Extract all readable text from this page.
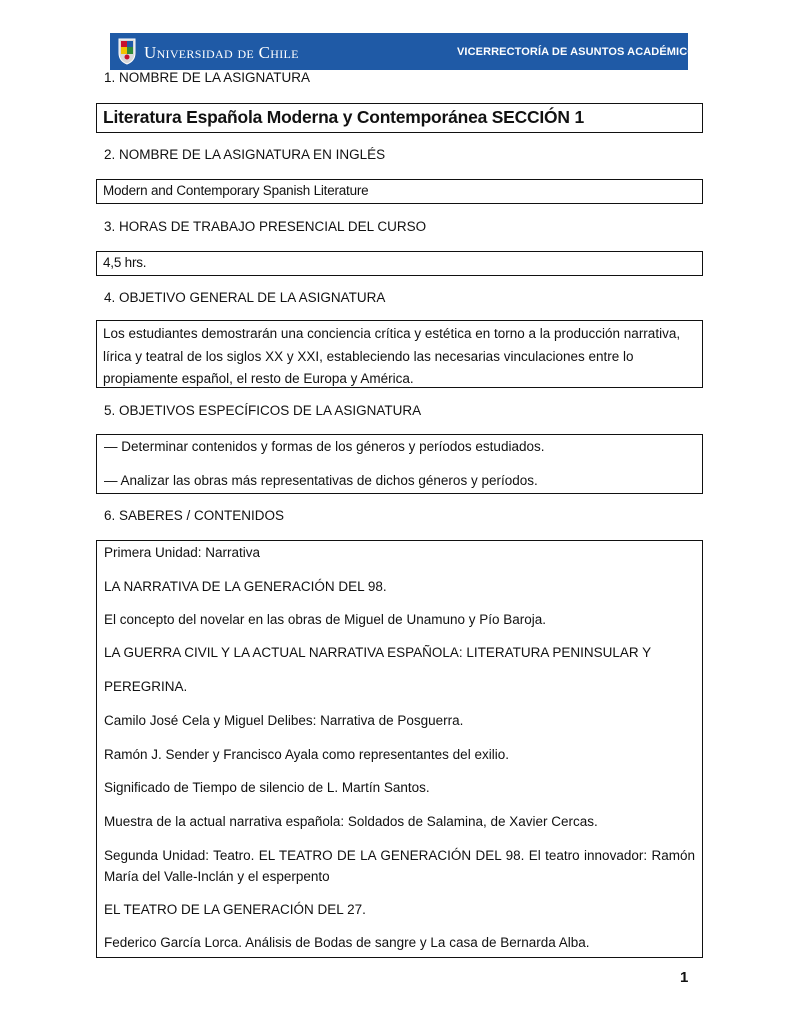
Universidad de Chile	VICERRECTORÍA DE ASUNTOS ACADÉMICOS
1. NOMBRE DE LA ASIGNATURA
Literatura Española Moderna y Contemporánea SECCIÓN 1
2. NOMBRE DE LA ASIGNATURA EN INGLÉS
Modern and Contemporary Spanish Literature
3. HORAS DE TRABAJO PRESENCIAL DEL CURSO
4,5 hrs.
4. OBJETIVO GENERAL DE LA ASIGNATURA
Los estudiantes demostrarán una conciencia crítica y estética en torno a la producción narrativa, lírica y teatral de los siglos XX y XXI, estableciendo las necesarias vinculaciones entre lo propiamente español, el resto de Europa y América.
5. OBJETIVOS ESPECÍFICOS DE LA ASIGNATURA
— Determinar contenidos y formas de los géneros y períodos estudiados.
— Analizar las obras más representativas de dichos géneros y períodos.
6. SABERES / CONTENIDOS
Primera Unidad: Narrativa
LA NARRATIVA DE LA GENERACIÓN DEL 98.
El concepto del novelar en las obras de Miguel de Unamuno y Pío Baroja.
LA GUERRA CIVIL Y LA ACTUAL NARRATIVA ESPAÑOLA: LITERATURA PENINSULAR Y
PEREGRINA.
Camilo José Cela y Miguel Delibes: Narrativa de Posguerra.
Ramón J. Sender y Francisco Ayala como representantes del exilio.
Significado de Tiempo de silencio de L. Martín Santos.
Muestra de la actual narrativa española: Soldados de Salamina, de Xavier Cercas.
Segunda Unidad: Teatro. EL TEATRO DE LA GENERACIÓN DEL 98. El teatro innovador: Ramón María del Valle-Inclán y el esperpento
EL TEATRO DE LA GENERACIÓN DEL 27.
Federico García Lorca. Análisis de Bodas de sangre y La casa de Bernarda Alba.
1
